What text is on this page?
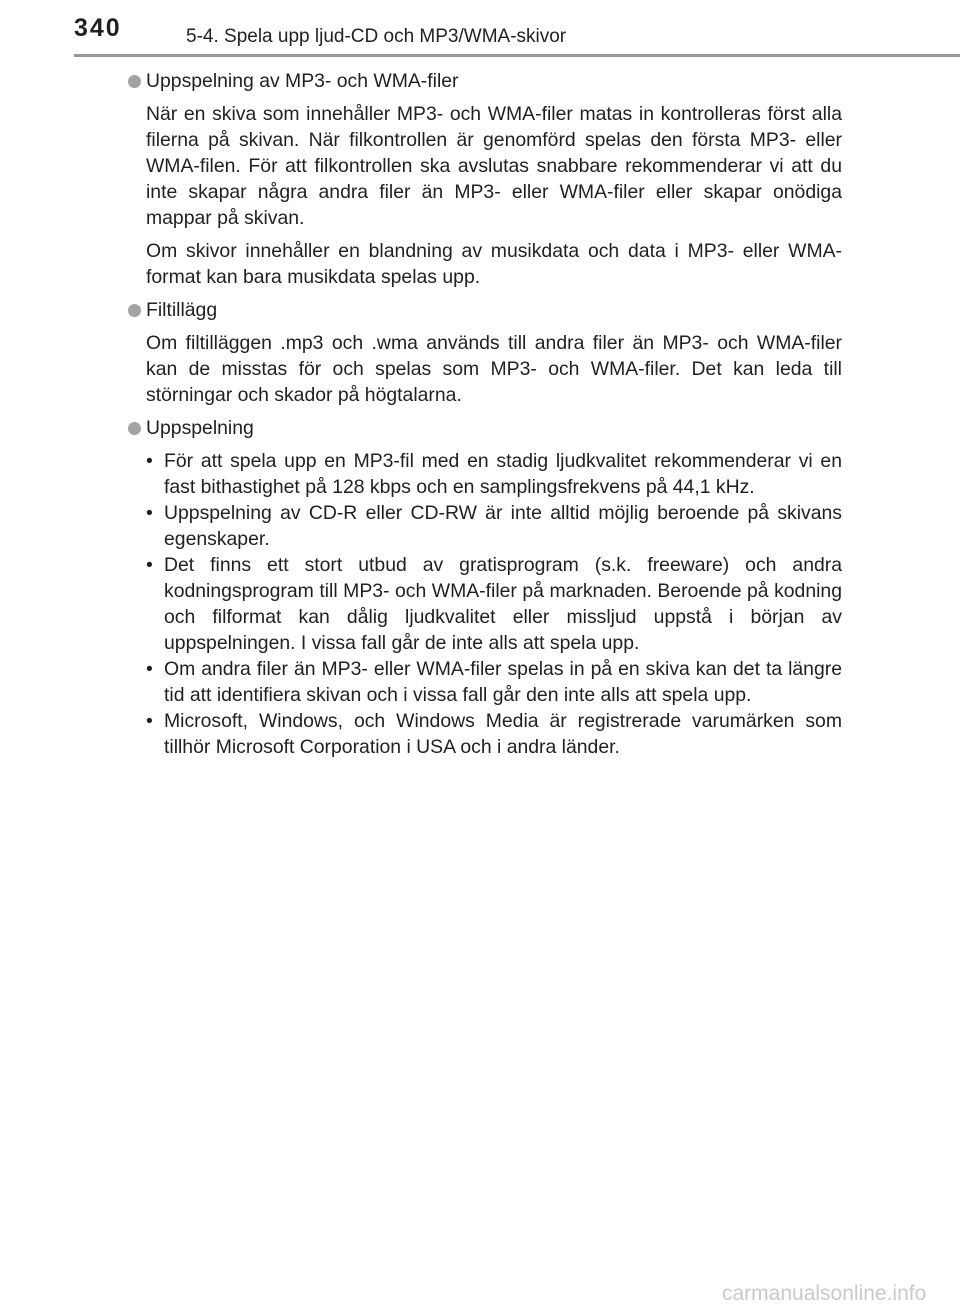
340	5-4. Spela upp ljud-CD och MP3/WMA-skivor
Uppspelning av MP3- och WMA-filer

När en skiva som innehåller MP3- och WMA-filer matas in kontrolleras först alla filerna på skivan. När filkontrollen är genomförd spelas den första MP3- eller WMA-filen. För att filkontrollen ska avslutas snabbare rekommenderar vi att du inte skapar några andra filer än MP3- eller WMA-filer eller skapar onödiga mappar på skivan.

Om skivor innehåller en blandning av musikdata och data i MP3- eller WMA-format kan bara musikdata spelas upp.

Filtillägg

Om filtilläggen .mp3 och .wma används till andra filer än MP3- och WMA-filer kan de misstas för och spelas som MP3- och WMA-filer. Det kan leda till störningar och skador på högtalarna.

Uppspelning
• För att spela upp en MP3-fil med en stadig ljudkvalitet rekommenderar vi en fast bithastighet på 128 kbps och en samplingsfrekvens på 44,1 kHz.
• Uppspelning av CD-R eller CD-RW är inte alltid möjlig beroende på skivans egenskaper.
• Det finns ett stort utbud av gratisprogram (s.k. freeware) och andra kodningsprogram till MP3- och WMA-filer på marknaden. Beroende på kodning och filformat kan dålig ljudkvalitet eller missljud uppstå i början av uppspelningen. I vissa fall går de inte alls att spela upp.
• Om andra filer än MP3- eller WMA-filer spelas in på en skiva kan det ta längre tid att identifiera skivan och i vissa fall går den inte alls att spela upp.
• Microsoft, Windows, och Windows Media är registrerade varumärken som tillhör Microsoft Corporation i USA och i andra länder.
carmanualsonline.info
